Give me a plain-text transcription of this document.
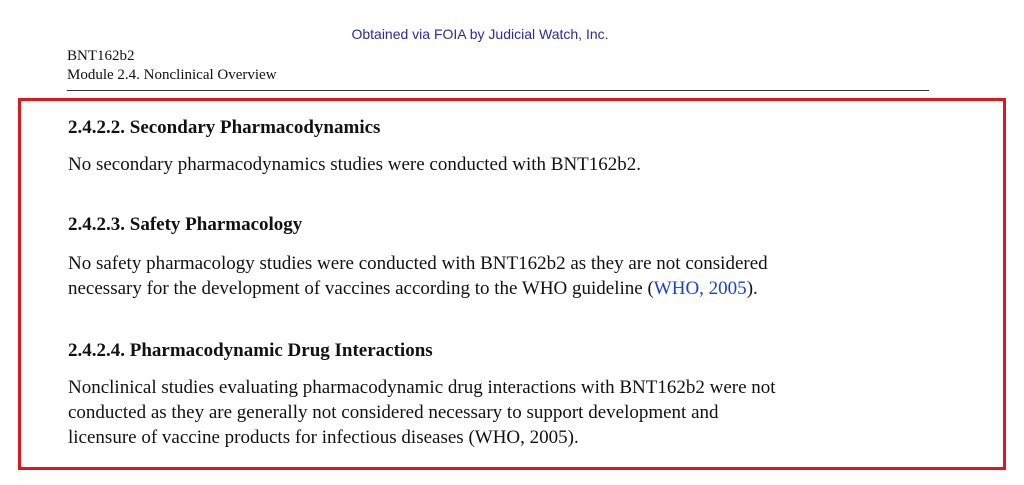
Obtained via FOIA by Judicial Watch, Inc.
BNT162b2
Module 2.4. Nonclinical Overview
2.4.2.2. Secondary Pharmacodynamics
No secondary pharmacodynamics studies were conducted with BNT162b2.
2.4.2.3. Safety Pharmacology
No safety pharmacology studies were conducted with BNT162b2 as they are not considered
necessary for the development of vaccines according to the WHO guideline (WHO, 2005).
2.4.2.4. Pharmacodynamic Drug Interactions
Nonclinical studies evaluating pharmacodynamic drug interactions with BNT162b2 were not
conducted as they are generally not considered necessary to support development and
licensure of vaccine products for infectious diseases (WHO, 2005).
